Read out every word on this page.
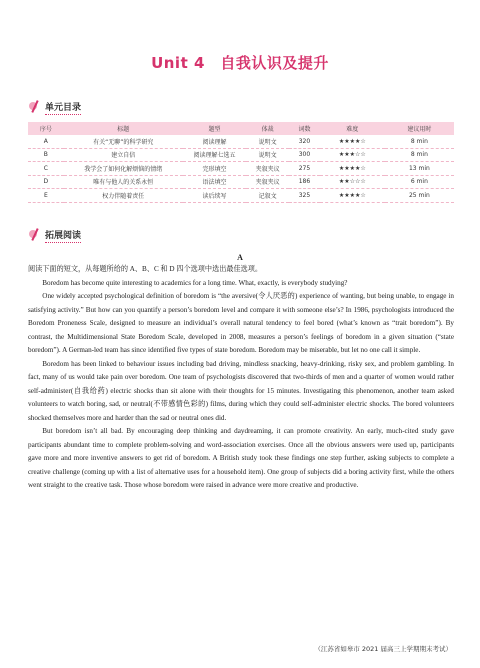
Unit 4　自我认识及提升
单元目录
序号	标题	题型	体裁	词数	难度	建议用时
A	有关“无聊”的科学研究	阅读理解	说明文	320	★★★★☆	8 min
B	建立自信	阅读理解七选五	说明文	300	★★★☆☆	8 min
C	我学会了如何化解烦恼的情绪	完形填空	夹叙夹议	275	★★★★☆	13 min
D	唯有与他人的关系永恒	语法填空	夹叙夹议	186	★★☆☆☆	6 min
E	权力伴随着责任	读后续写	记叙文	325	★★★★☆	25 min
拓展阅读
A

阅读下面的短文，从每题所给的 A、B、C 和 D 四个选项中选出最佳选项。

Boredom has become quite interesting to academics for a long time. What, exactly, is everybody studying?

One widely accepted psychological definition of boredom is “the aversive(令人厌恶的) experience of wanting, but being unable, to engage in satisfying activity.” But how can you quantify a person’s boredom level and compare it with someone else’s? In 1986, psychologists introduced the Boredom Proneness Scale, designed to measure an individual’s overall natural tendency to feel bored (what’s known as “trait boredom”). By contrast, the Multidimensional State Boredom Scale, developed in 2008, measures a person’s feelings of boredom in a given situation (“state boredom”). A German-led team has since identified five types of state boredom. Boredom may be miserable, but let no one call it simple.

Boredom has been linked to behaviour issues including bad driving, mindless snacking, heavy-drinking, risky sex, and problem gambling. In fact, many of us would take pain over boredom. One team of psychologists discovered that two-thirds of men and a quarter of women would rather self-administer(自我给药) electric shocks than sit alone with their thoughts for 15 minutes. Investigating this phenomenon, another team asked volunteers to watch boring, sad, or neutral(不带感情色彩的) films, during which they could self-administer electric shocks. The bored volunteers shocked themselves more and harder than the sad or neutral ones did.

But boredom isn’t all bad. By encouraging deep thinking and daydreaming, it can promote creativity. An early, much-cited study gave participants abundant time to complete problem-solving and word-association exercises. Once all the obvious answers were used up, participants gave more and more inventive answers to get rid of boredom. A British study took these findings one step further, asking subjects to complete a creative challenge (coming up with a list of alternative uses for a household item). One group of subjects did a boring activity first, while the others went straight to the creative task. Those whose boredom were raised in advance were more creative and productive.

（江苏省如皋市 2021 届高三上学期期末考试）
